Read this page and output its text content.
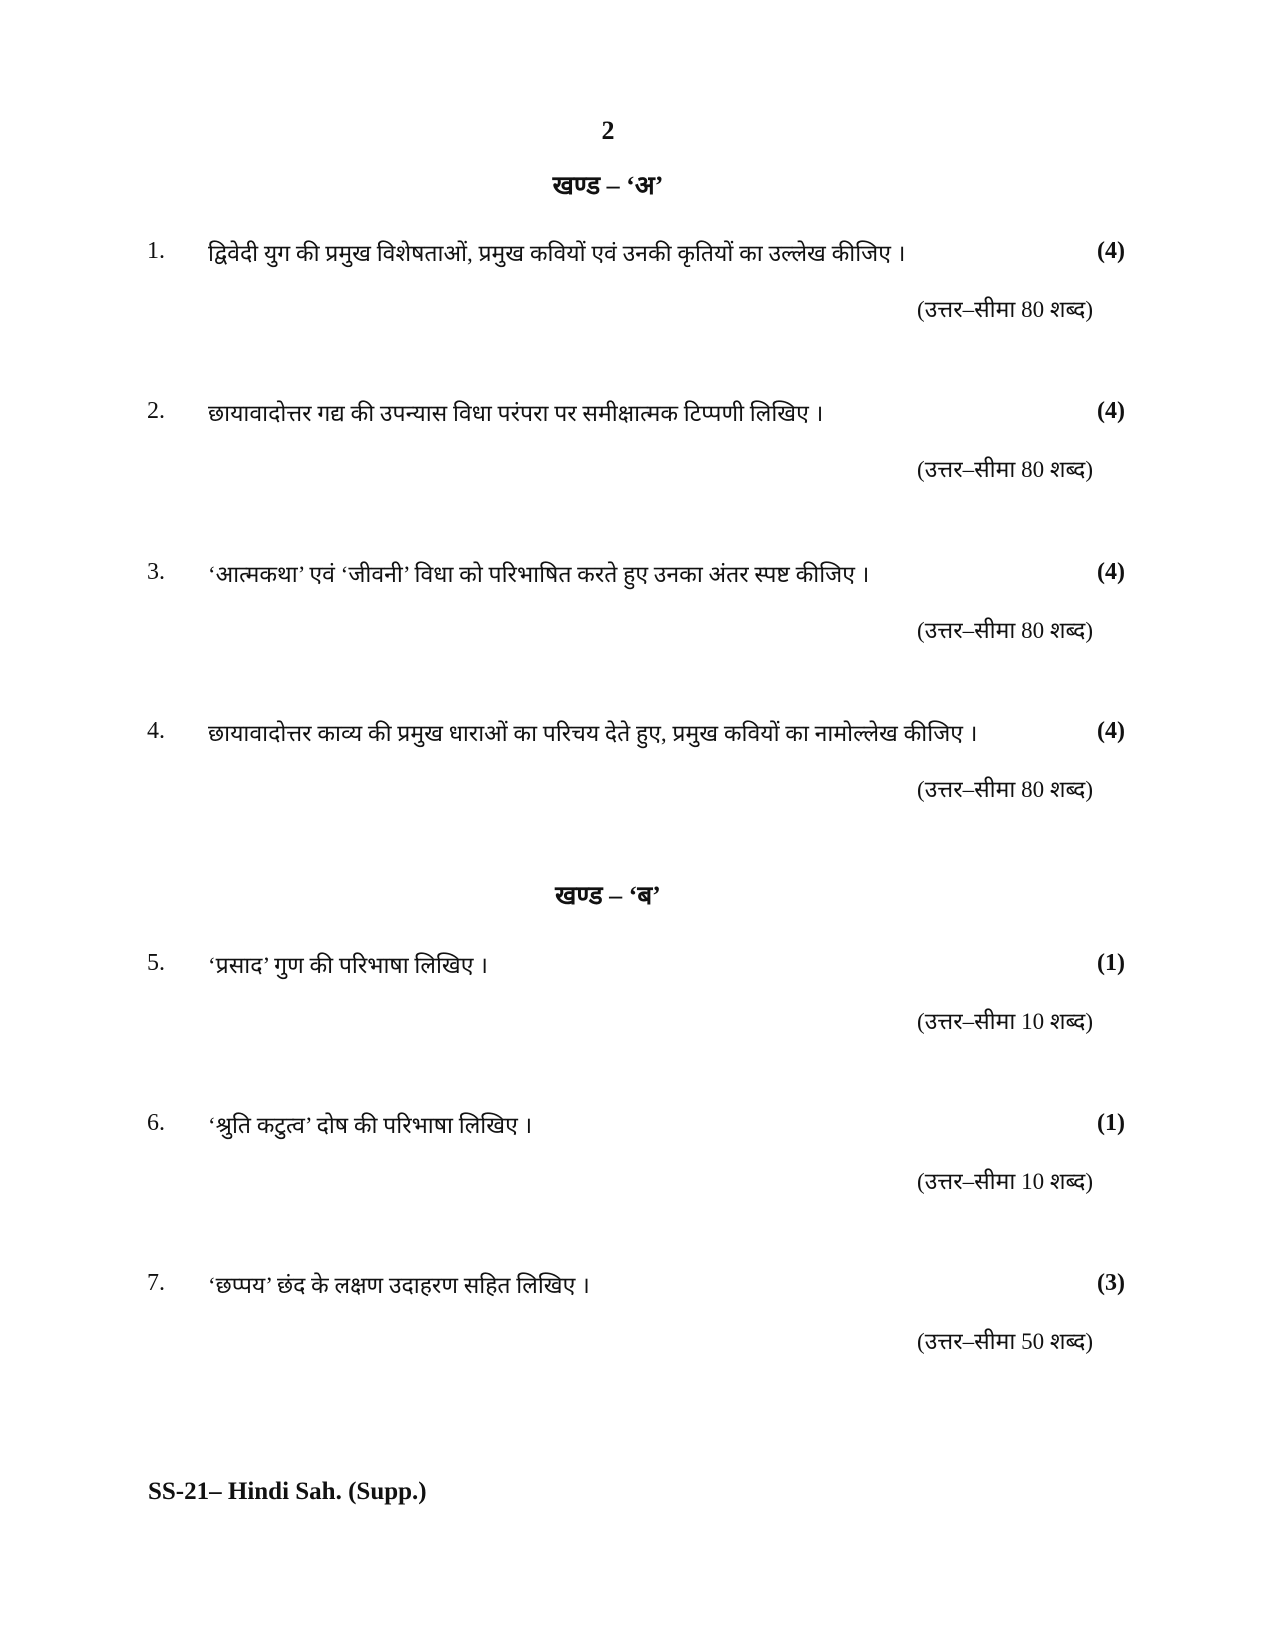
2
खण्ड – ‘अ’
1. द्विवेदी युग की प्रमुख विशेषताओं, प्रमुख कवियों एवं उनकी कृतियों का उल्लेख कीजिए ।	(4)
(उत्तर–सीमा 80 शब्द)
2. छायावादोत्तर गद्य की उपन्यास विधा परंपरा पर समीक्षात्मक टिप्पणी लिखिए ।	(4)
(उत्तर–सीमा 80 शब्द)
3. ‘आत्मकथा’ एवं ‘जीवनी’ विधा को परिभाषित करते हुए उनका अंतर स्पष्ट कीजिए ।	(4)
(उत्तर–सीमा 80 शब्द)
4. छायावादोत्तर काव्य की प्रमुख धाराओं का परिचय देते हुए, प्रमुख कवियों का नामोल्लेख कीजिए ।	(4)
(उत्तर–सीमा 80 शब्द)
खण्ड – ‘ब’
5. ‘प्रसाद’ गुण की परिभाषा लिखिए ।	(1)
(उत्तर–सीमा 10 शब्द)
6. ‘श्रुति कटुत्व’ दोष की परिभाषा लिखिए ।	(1)
(उत्तर–सीमा 10 शब्द)
7. ‘छप्पय’ छंद के लक्षण उदाहरण सहित लिखिए ।	(3)
(उत्तर–सीमा 50 शब्द)
SS-21– Hindi Sah. (Supp.)
